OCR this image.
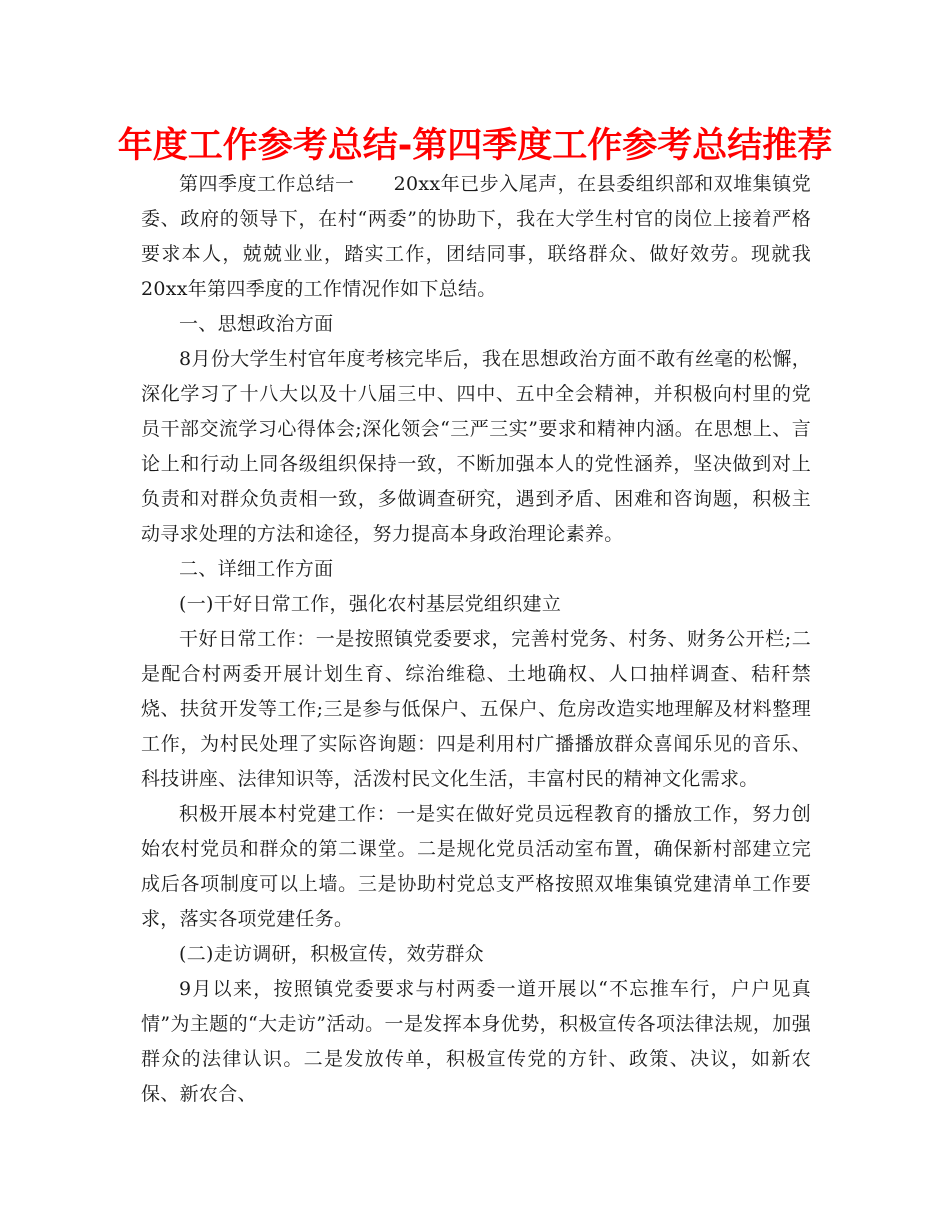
年度工作参考总结-第四季度工作参考总结推荐

第四季度工作总结一　　20xx年已步入尾声，在县委组织部和双堆集镇党委、政府的领导下，在村“两委”的协助下，我在大学生村官的岗位上接着严格要求本人，兢兢业业，踏实工作，团结同事，联络群众、做好效劳。现就我20xx年第四季度的工作情况作如下总结。

一、思想政治方面

8月份大学生村官年度考核完毕后，我在思想政治方面不敢有丝毫的松懈，深化学习了十八大以及十八届三中、四中、五中全会精神，并积极向村里的党员干部交流学习心得体会;深化领会“三严三实”要求和精神内涵。在思想上、言论上和行动上同各级组织保持一致，不断加强本人的党性涵养，坚决做到对上负责和对群众负责相一致，多做调查研究，遇到矛盾、困难和咨询题，积极主动寻求处理的方法和途径，努力提高本身政治理论素养。

二、详细工作方面

(一)干好日常工作，强化农村基层党组织建立

干好日常工作：一是按照镇党委要求，完善村党务、村务、财务公开栏;二是配合村两委开展计划生育、综治维稳、土地确权、人口抽样调查、秸秆禁烧、扶贫开发等工作;三是参与低保户、五保户、危房改造实地理解及材料整理工作，为村民处理了实际咨询题：四是利用村广播播放群众喜闻乐见的音乐、科技讲座、法律知识等，活泼村民文化生活，丰富村民的精神文化需求。

积极开展本村党建工作：一是实在做好党员远程教育的播放工作，努力创始农村党员和群众的第二课堂。二是规化党员活动室布置，确保新村部建立完成后各项制度可以上墙。三是协助村党总支严格按照双堆集镇党建清单工作要求，落实各项党建任务。

(二)走访调研，积极宣传，效劳群众

9月以来，按照镇党委要求与村两委一道开展以“不忘推车行，户户见真情”为主题的“大走访”活动。一是发挥本身优势，积极宣传各项法律法规，加强群众的法律认识。二是发放传单，积极宣传党的方针、政策、决议，如新农保、新农合、
